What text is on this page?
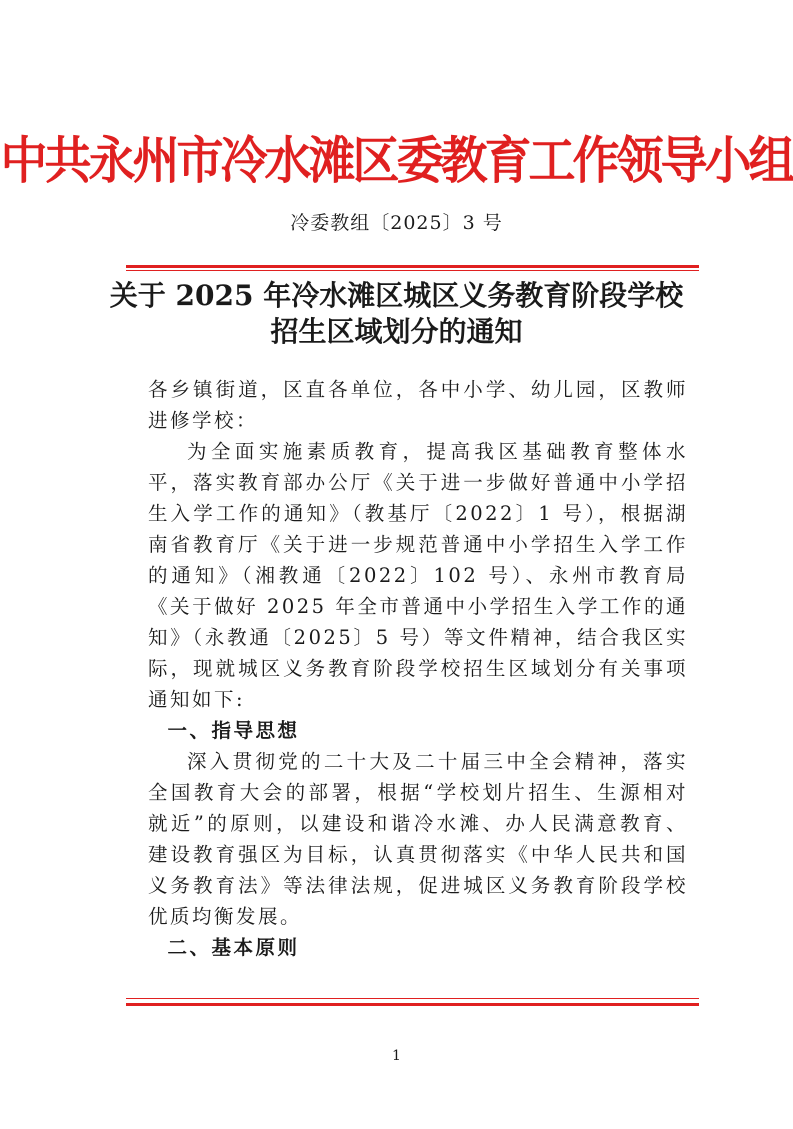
中共永州市冷水滩区委教育工作领导小组
冷委教组〔2025〕3 号
关于 2025 年冷水滩区城区义务教育阶段学校
招生区域划分的通知

各乡镇街道，区直各单位，各中小学、幼儿园，区教师进修学校：

为全面实施素质教育，提高我区基础教育整体水平，落实教育部办公厅《关于进一步做好普通中小学招生入学工作的通知》（教基厅〔2022〕1 号），根据湖南省教育厅《关于进一步规范普通中小学招生入学工作的通知》（湘教通〔2022〕102 号）、永州市教育局《关于做好 2025 年全市普通中小学招生入学工作的通知》（永教通〔2025〕5 号）等文件精神，结合我区实际，现就城区义务教育阶段学校招生区域划分有关事项通知如下:

一、指导思想

深入贯彻党的二十大及二十届三中全会精神，落实全国教育大会的部署，根据“学校划片招生、生源相对就近”的原则，以建设和谐冷水滩、办人民满意教育、建设教育强区为目标，认真贯彻落实《中华人民共和国义务教育法》等法律法规，促进城区义务教育阶段学校优质均衡发展。

二、基本原则

1
